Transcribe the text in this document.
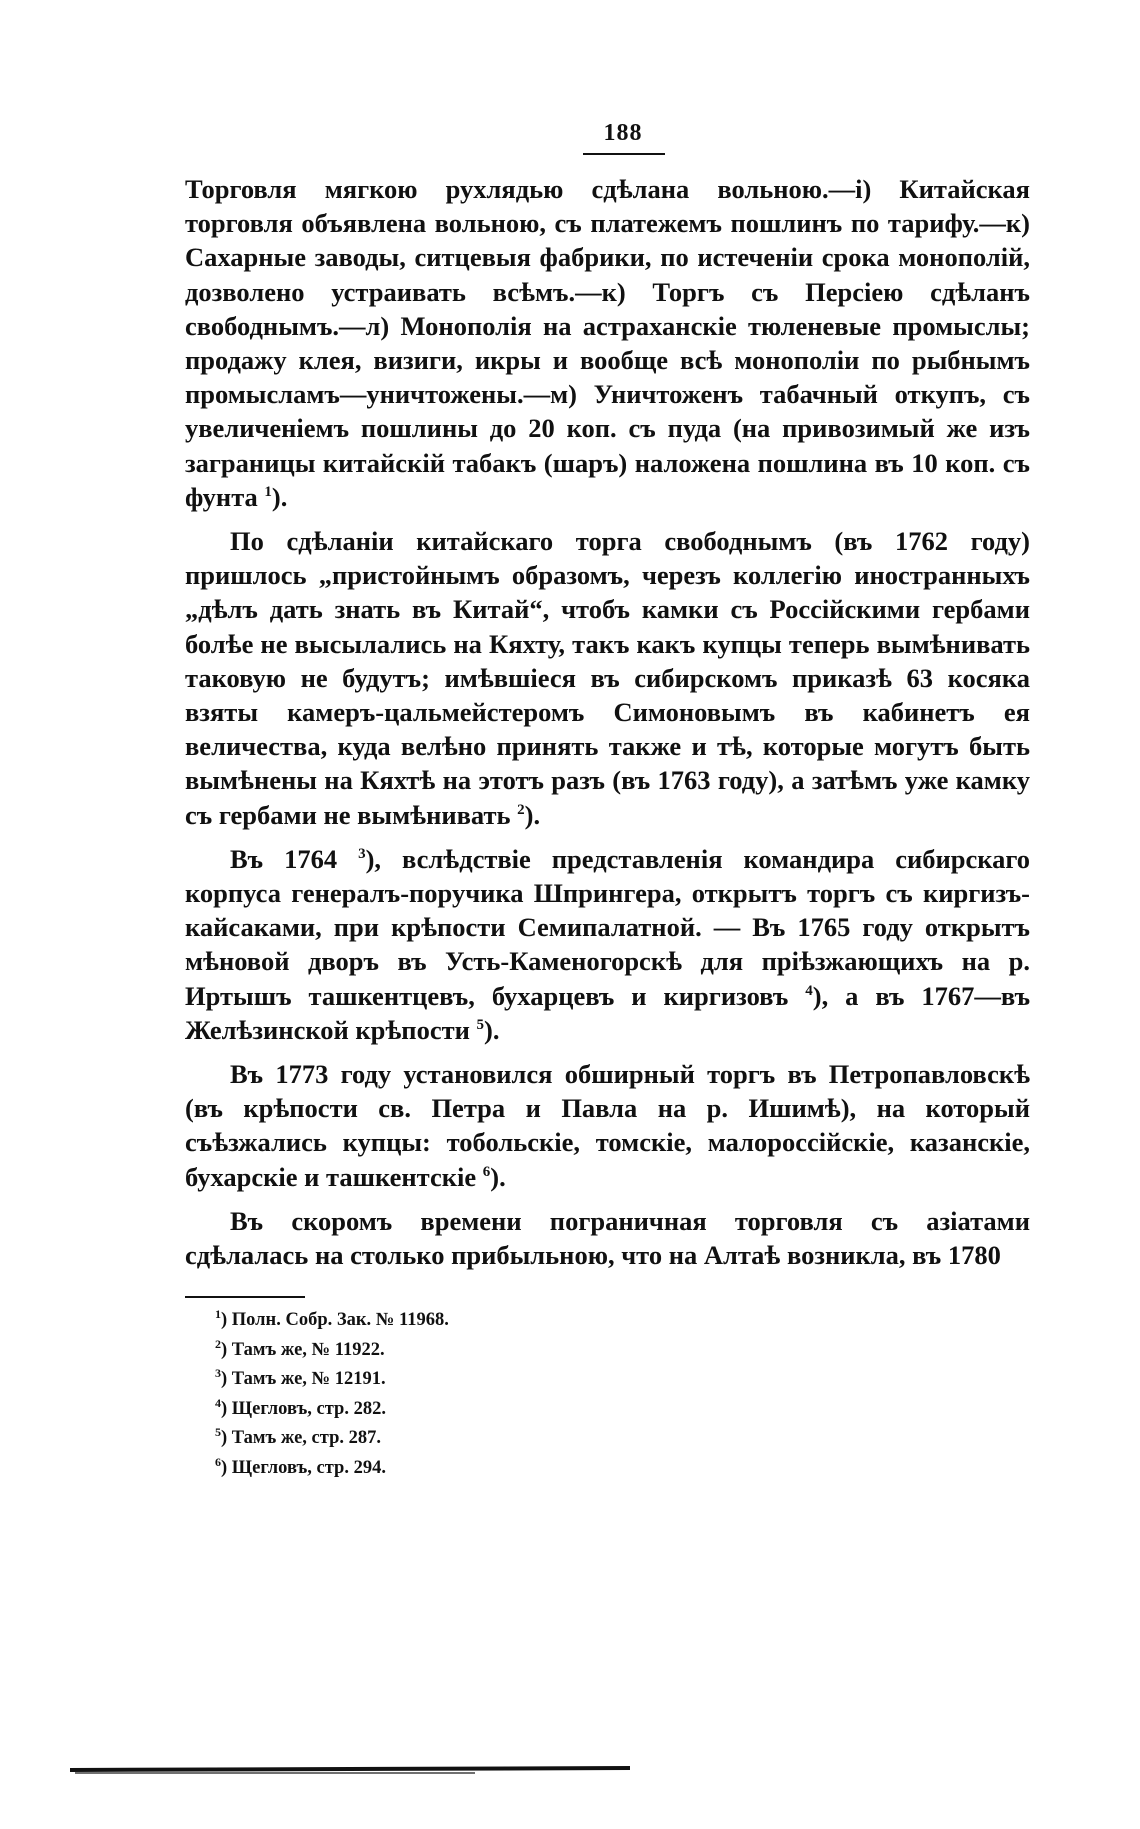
188

Торговля мягкою рухлядью сдѣлана вольною.—i) Китайская торговля объявлена вольною, съ платежемъ пошлинъ по тарифу.—к) Сахарные заводы, ситцевыя фабрики, по истеченіи срока монополій, дозволено устраивать всѣмъ.—к) Торгъ съ Персіею сдѣланъ свободнымъ.—л) Монополія на астраханскіе тюленевые промыслы; продажу клея, визиги, икры и вообще всѣ монополіи по рыбнымъ промысламъ—уничтожены.—м) Уничтоженъ табачный откупъ, съ увеличеніемъ пошлины до 20 коп. съ пуда (на привозимый же изъ заграницы китайскій табакъ (шаръ) наложена пошлина въ 10 коп. съ фунта $^1$).

По сдѣланіи китайскаго торга свободнымъ (въ 1762 году) пришлось „пристойнымъ образомъ, черезъ коллегію иностранныхъ „дѣлъ дать знать въ Китай“, чтобъ камки съ Россійскими гербами болѣе не высылались на Кяхту, такъ какъ купцы теперь вымѣнивать таковую не будутъ; имѣвшіеся въ сибирскомъ приказѣ 63 косяка взяты камеръ-цальмейстеромъ Симоновымъ въ кабинетъ ея величества, куда велѣно принять также и тѣ, которые могутъ быть вымѣнены на Кяхтѣ на этотъ разъ (въ 1763 году), а затѣмъ уже камку съ гербами не вымѣнивать $^2$).

Въ 1764 $^3$), вслѣдствіе представленія командира сибирскаго корпуса генералъ-поручика Шпрингера, открытъ торгъ съ киргизъ-кайсаками, при крѣпости Семипалатной. — Въ 1765 году открытъ мѣновой дворъ въ Усть-Каменогорскѣ для пріѣзжающихъ на р. Иртышъ ташкентцевъ, бухарцевъ и киргизовъ $^4$), а въ 1767—въ Желѣзинской крѣпости $^5$).

Въ 1773 году установился обширный торгъ въ Петропавловскѣ (въ крѣпости св. Петра и Павла на р. Ишимѣ), на который съѣзжались купцы: тобольскіе, томскіе, малороссійскіе, казанскіе, бухарскіе и ташкентскіе $^6$).

Въ скоромъ времени пограничная торговля съ азіатами сдѣлалась на столько прибыльною, что на Алтаѣ возникла, въ 1780

$^1$) Полн. Собр. Зак. № 11968.
$^2$) Тамъ же, № 11922.
$^3$) Тамъ же, № 12191.
$^4$) Щегловъ, стр. 282.
$^5$) Тамъ же, стр. 287.
$^6$) Щегловъ, стр. 294.
